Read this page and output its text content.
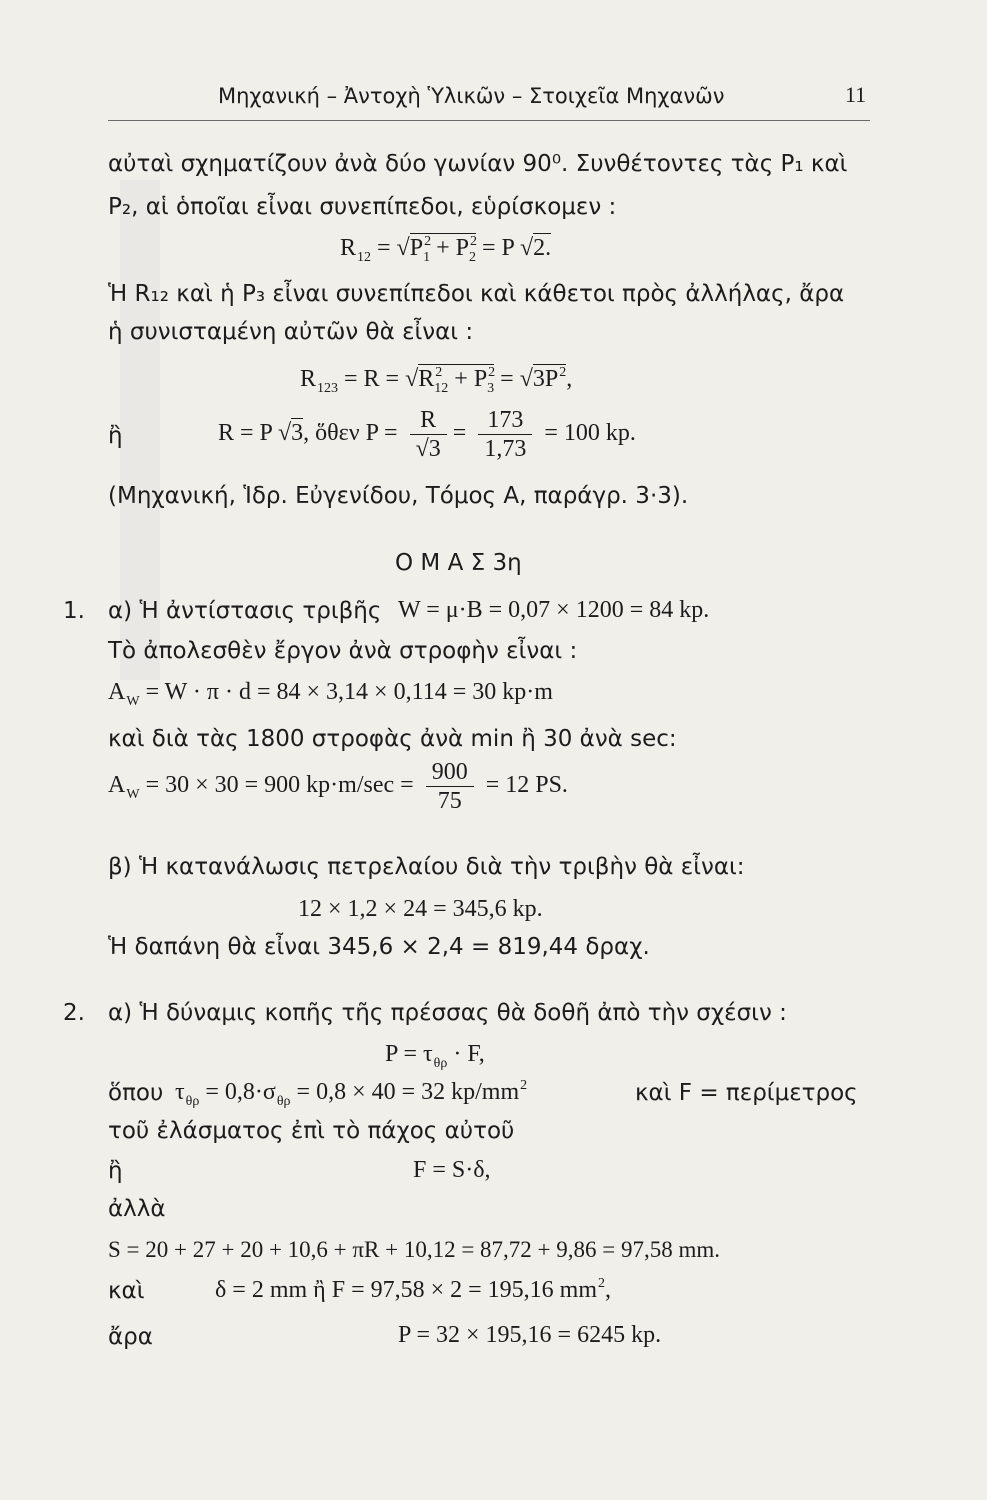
Μηχανική – Ἀντοχὴ Ὑλικῶν – Στοιχεῖα Μηχανῶν	11
αὐταὶ σχηματίζουν ἀνὰ δύο γωνίαν 90⁰. Συνθέτοντες τὰς P₁ καὶ
P₂, αἱ ὁποῖαι εἶναι συνεπίπεδοι, εὑρίσκομεν :
$R_{12} = √P^2_1 + P^2_2 = P$ √2.
Ἡ R₁₂ καὶ ἡ P₃ εἶναι συνεπίπεδοι καὶ κάθετοι πρὸς ἀλλήλας, ἄρα
ἡ συνισταμένη αὐτῶν θὰ εἶναι :
$R_{123} = R = √R^2_{12} + P^2_3 = √3P^2$,
ἢ	R = P √3, ὅθεν $P = \frac{R}{√3} = \frac{173}{1,73} = 100$ kp.
(Μηχανική, Ἱδρ. Εὐγενίδου, Τόμος Α, παράγρ. 3·3).
Ο Μ Α Σ 3η
1. α) Ἡ ἀντίστασις τριβῆς W = μ·B = 0,07 × 1200 = 84 kp.
Τὸ ἀπολεσθὲν ἔργον ἀνὰ στροφὴν εἶναι :
$A_W = W \cdot \pi \cdot d = 84 \times 3,14 \times 0,114 = 30$ kp·m
καὶ διὰ τὰς 1800 στροφὰς ἀνὰ min ἢ 30 ἀνὰ sec:
$A_W = 30 \times 30 = 900$ $kp\cdot m/\sec = \frac{900}{75} = 12$ PS.
β) Ἡ κατανάλωσις πετρελαίου διὰ τὴν τριβὴν θὰ εἶναι:
12 × 1,2 × 24 = 345,6 kp.
Ἡ δαπάνη θὰ εἶναι 345,6 × 2,4 = 819,44 δραχ.
2. α) Ἡ δύναμις κοπῆς τῆς πρέσσας θὰ δοθῆ ἀπὸ τὴν σχέσιν :
$P = \tau_{\theta\rho} \cdot F$,
ὅπου $\tau_{\theta\rho} = 0,8\cdot\sigma_{\theta\rho} = 0,8 \times 40 = 32$ $kp/mm^2$	καὶ F = περίμετρος
τοῦ ἐλάσματος ἐπὶ τὸ πάχος αὐτοῦ
ἢ	F = S·δ,
ἀλλὰ
S = 20 + 27 + 20 + 10,6 + πR + 10,12 = 87,72 + 9,86 = 97,58 mm.
καὶ	δ = 2 mm ἢ F = 97,58 × 2 = 195,16 $mm^2$,
ἄρα	P = 32 × 195,16 = 6245 kp.
